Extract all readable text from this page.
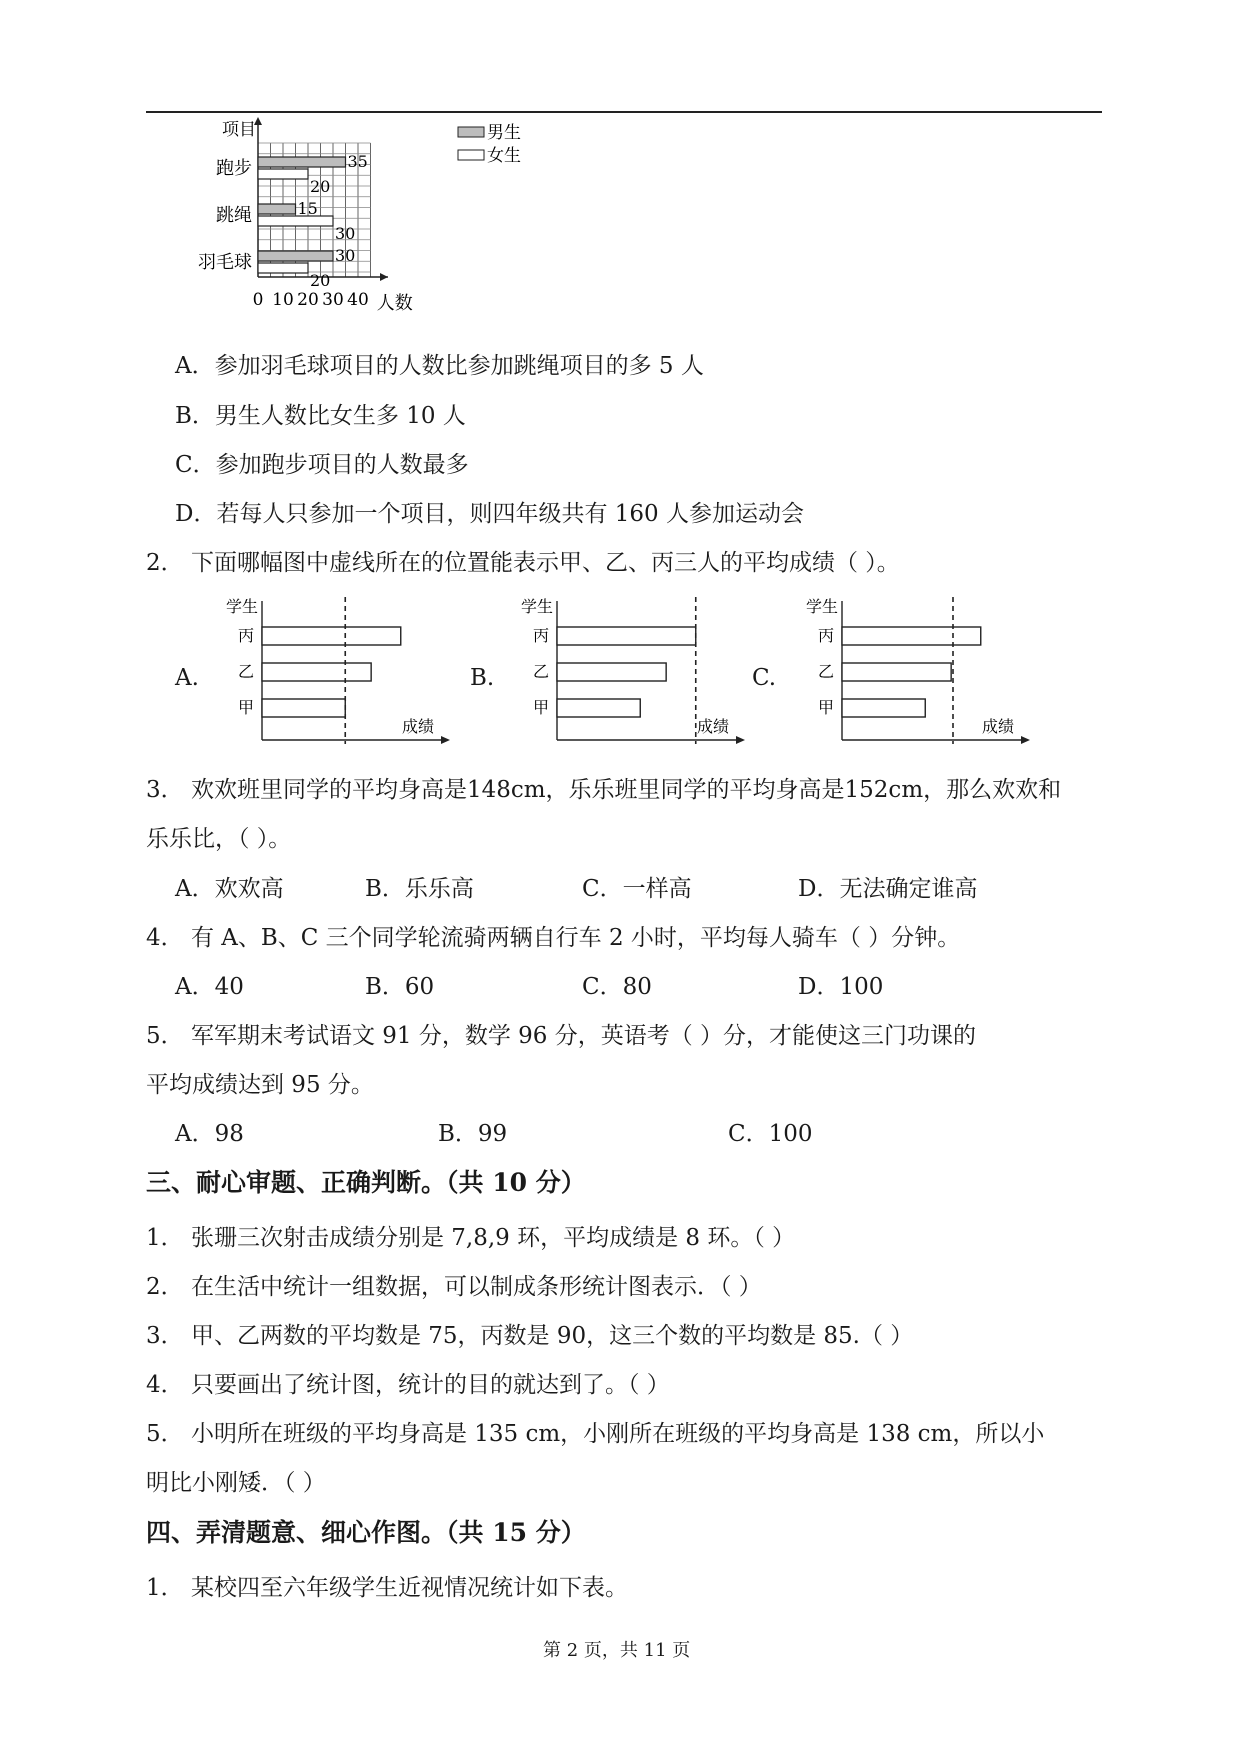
项目
人数
0 10 20 30 40
跑步	35
20
跳绳	15
30
羽毛球	30
20
男生
女生
A．参加羽毛球项目的人数比参加跳绳项目的多 5 人
B．男生人数比女生多 10 人
C．参加跑步项目的人数最多
D．若每人只参加一个项目，则四年级共有 160 人参加运动会
2． 下面哪幅图中虚线所在的位置能表示甲、乙、丙三人的平均成绩（ ）。
A.
学生
成绩
丙
乙
甲
B.
学生
成绩
丙
乙
甲
C.
学生
成绩
丙
乙
甲
3． 欢欢班里同学的平均身高是148cm，乐乐班里同学的平均身高是152cm，那么欢欢和
乐乐比，（ ）。
A．欢欢高	B．乐乐高	C．一样高	D．无法确定谁高
4． 有 A、B、C 三个同学轮流骑两辆自行车 2 小时，平均每人骑车（ ）分钟。
A．40	B．60	C．80	D．100
5． 军军期末考试语文 91 分，数学 96 分，英语考（ ）分，才能使这三门功课的
平均成绩达到 95 分。
A．98	B．99	C．100
三、耐心审题、正确判断。（共 10 分）
1． 张珊三次射击成绩分别是 7,8,9 环，平均成绩是 8 环。（ ）
2． 在生活中统计一组数据，可以制成条形统计图表示．（ ）
3． 甲、乙两数的平均数是 75，丙数是 90，这三个数的平均数是 85.（ ）
4． 只要画出了统计图，统计的目的就达到了。（ ）
5． 小明所在班级的平均身高是 135 cm，小刚所在班级的平均身高是 138 cm，所以小
明比小刚矮．（ ）
四、弄清题意、细心作图。（共 15 分）
1． 某校四至六年级学生近视情况统计如下表。
第 2 页，共 11 页
